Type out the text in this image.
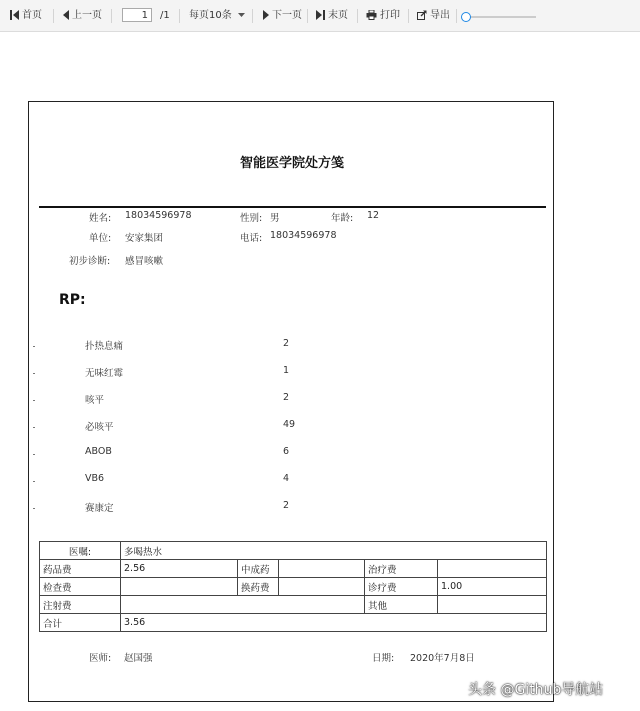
首页	上一页
1	/1 每页10条	下一页	末页	打印	导出
智能医学院处方笺
姓名: 18034596978	性别: 男	年龄: 12
单位: 安家集团	电话: 18034596978
初步诊断: 感冒咳嗽
RP:
扑热息痛	2
无味红霉	1
咳平	2
必咳平	49
ABOB	6
VB6	4
赛康定	2
医嘱:	多喝热水				
药品费	2.56	中成药		治疗费	
检查费		换药费		诊疗费	1.00
注射费				其他	
合计	3.56				
医师: 赵国强	日期: 2020年7月8日
头条 @Github导航站
